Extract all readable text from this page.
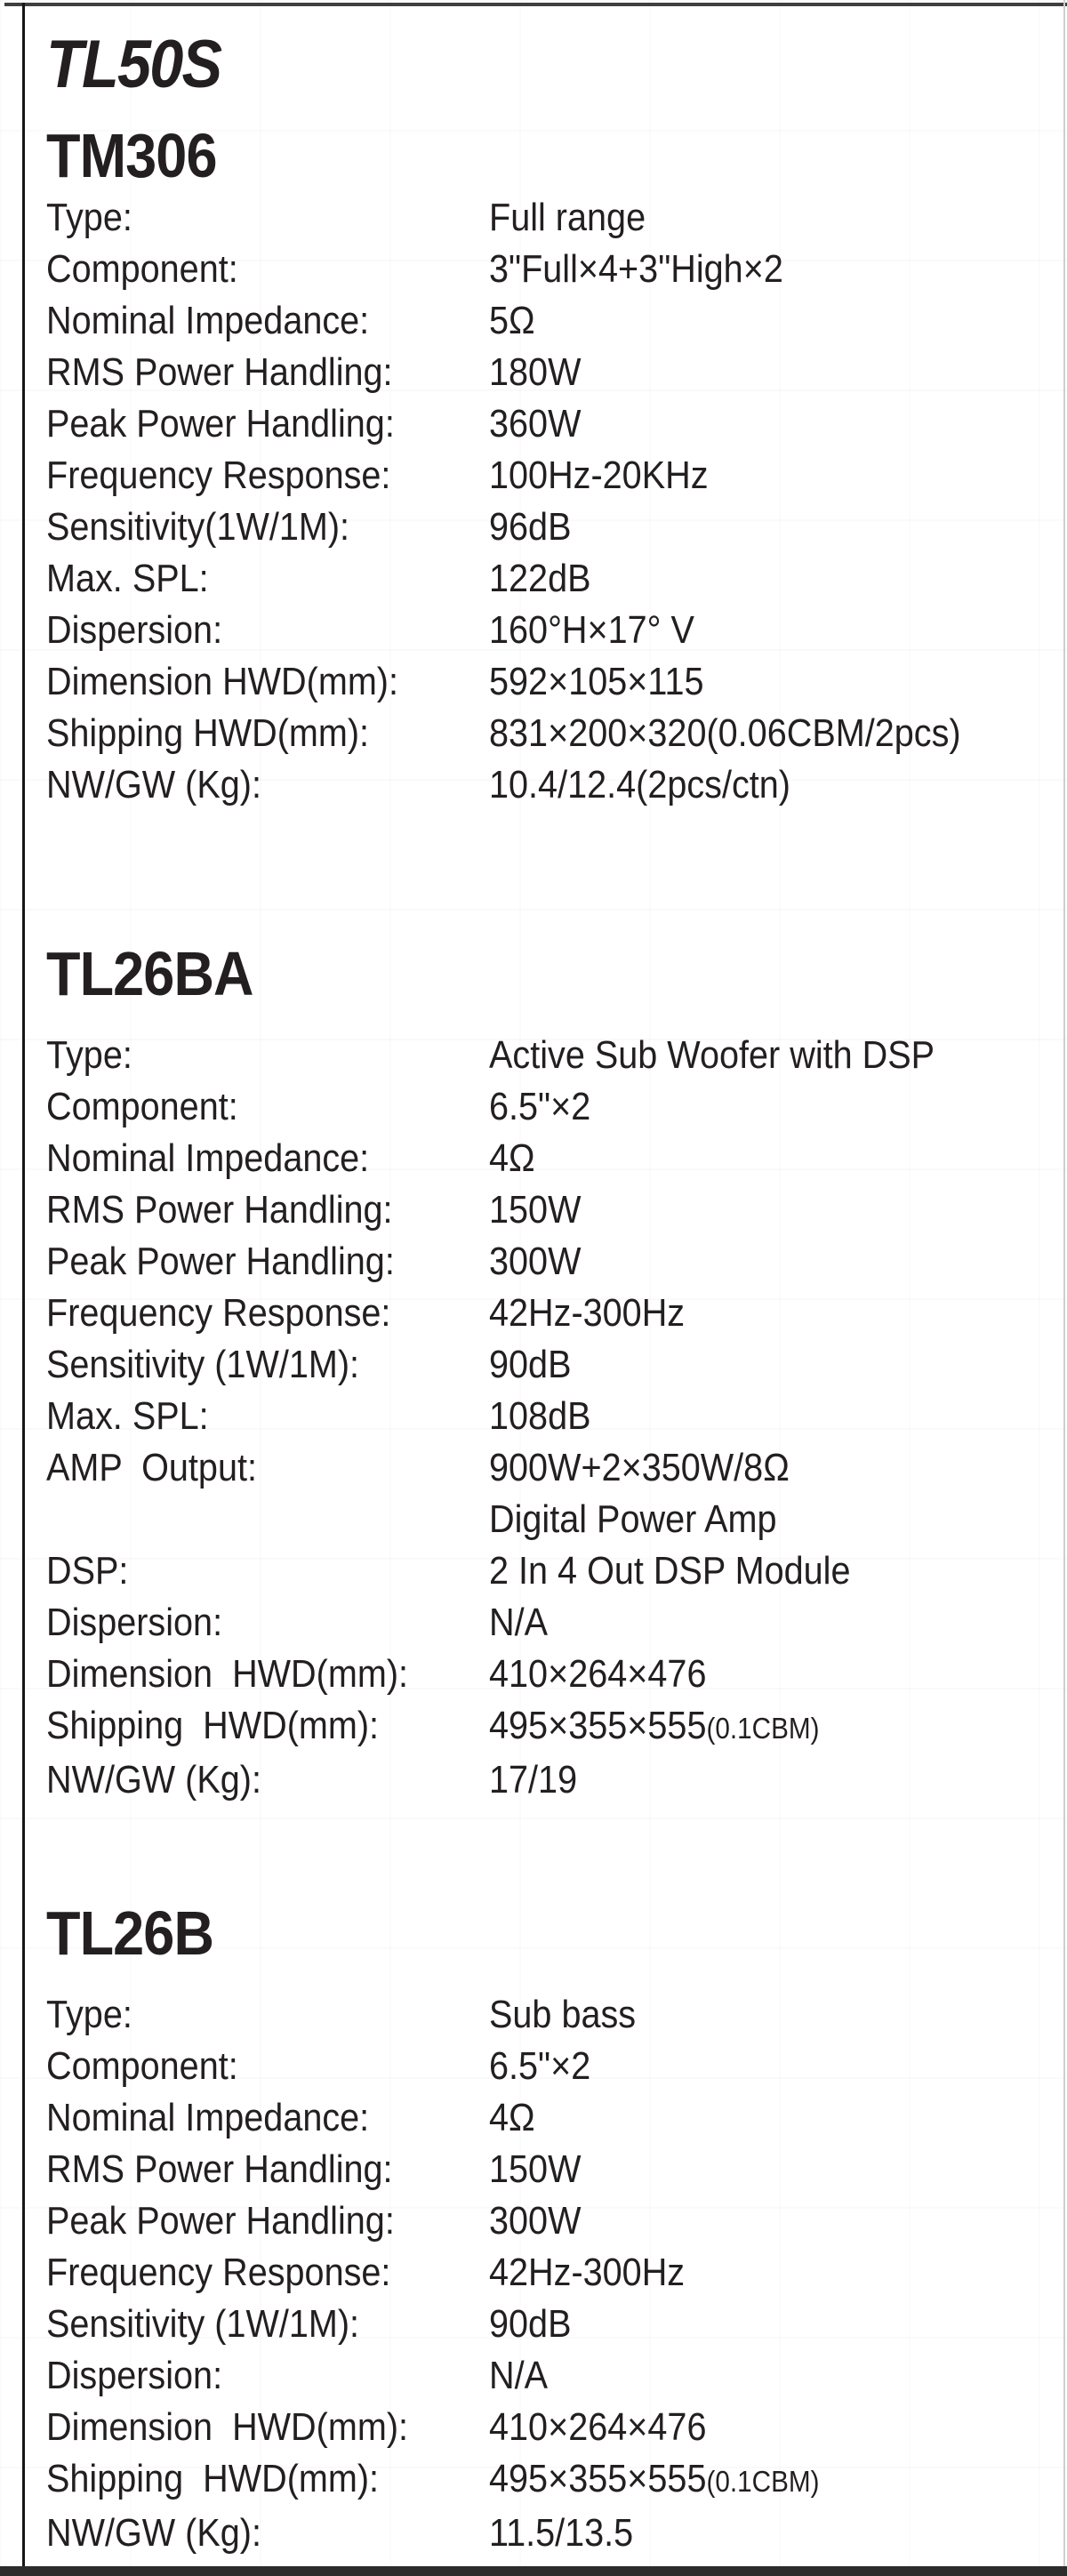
TL50S
TM306
Type:	Full range
Component:	3"Full×4+3"High×2
Nominal Impedance:	5Ω
RMS Power Handling:	180W
Peak Power Handling:	360W
Frequency Response:	100Hz-20KHz
Sensitivity(1W/1M):	96dB
Max. SPL:	122dB
Dispersion:	160°H×17° V
Dimension HWD(mm):	592×105×115
Shipping HWD(mm):	831×200×320(0.06CBM/2pcs)
NW/GW (Kg):	10.4/12.4(2pcs/ctn)
TL26BA
Type:	Active Sub Woofer with DSP
Component:	6.5"×2
Nominal Impedance:	4Ω
RMS Power Handling:	150W
Peak Power Handling:	300W
Frequency Response:	42Hz-300Hz
Sensitivity (1W/1M):	90dB
Max. SPL:	108dB
AMP  Output:	900W+2×350W/8Ω
Digital Power Amp
DSP:	2 In 4 Out DSP Module
Dispersion:	N/A
Dimension  HWD(mm):	410×264×476
Shipping  HWD(mm):	495×355×555(0.1CBM)
NW/GW (Kg):	17/19
TL26B
Type:	Sub bass
Component:	6.5"×2
Nominal Impedance:	4Ω
RMS Power Handling:	150W
Peak Power Handling:	300W
Frequency Response:	42Hz-300Hz
Sensitivity (1W/1M):	90dB
Dispersion:	N/A
Dimension  HWD(mm):	410×264×476
Shipping  HWD(mm):	495×355×555(0.1CBM)
NW/GW (Kg):	11.5/13.5
